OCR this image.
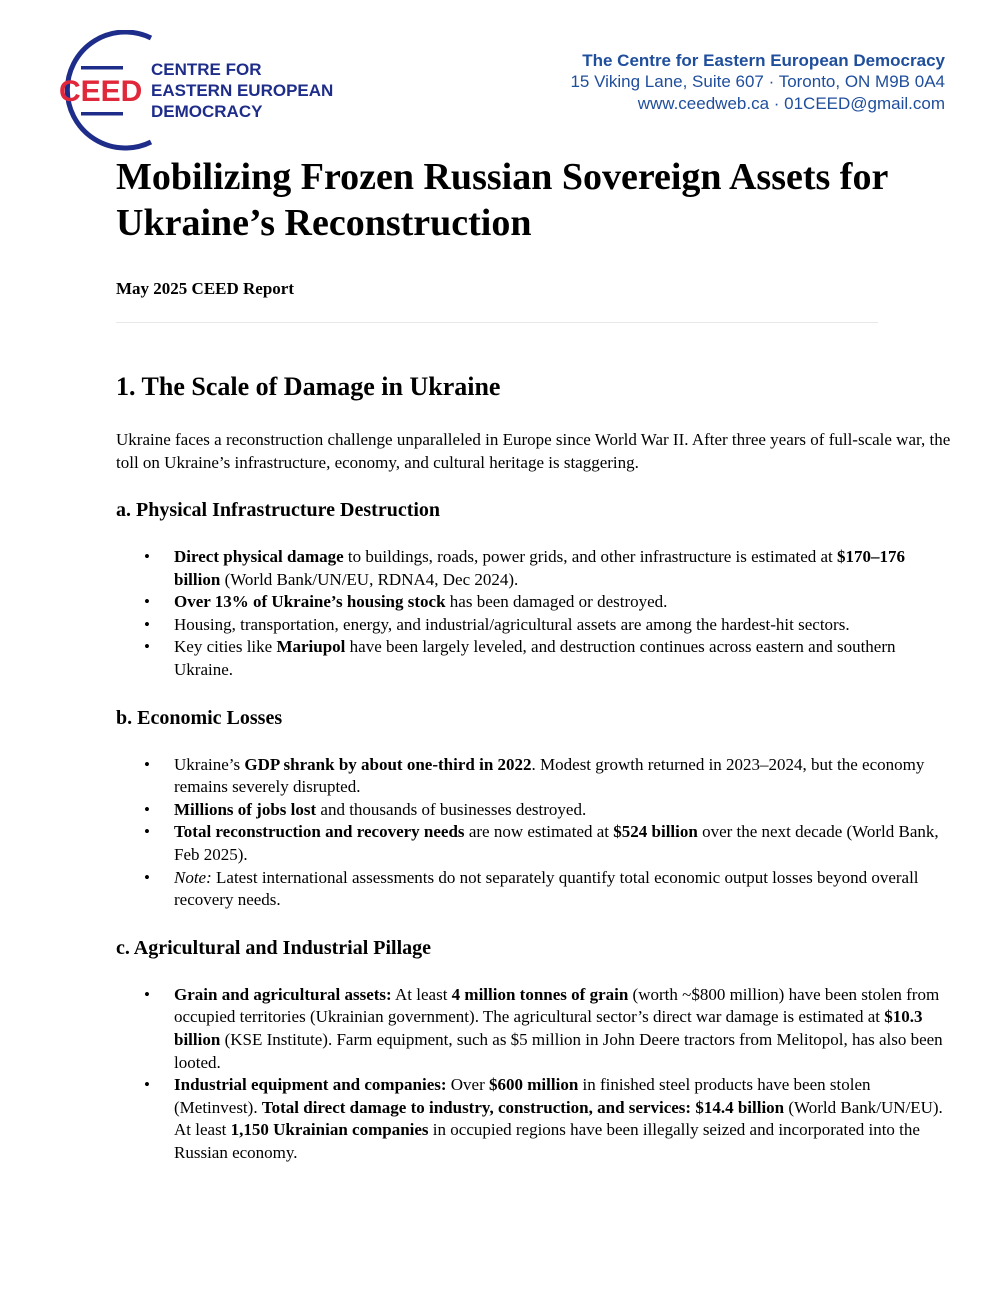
CEED
CENTRE FOR
EASTERN EUROPEAN
DEMOCRACY
The Centre for Eastern European Democracy
15 Viking Lane, Suite 607 · Toronto, ON M9B 0A4
www.ceedweb.ca · 01CEED@gmail.com
Mobilizing Frozen Russian Sovereign Assets for Ukraine’s Reconstruction
May 2025 CEED Report
1. The Scale of Damage in Ukraine

Ukraine faces a reconstruction challenge unparalleled in Europe since World War II. After three years of full-scale war, the toll on Ukraine’s infrastructure, economy, and cultural heritage is staggering.

a. Physical Infrastructure Destruction
• Direct physical damage to buildings, roads, power grids, and other infrastructure is estimated at $170–176 billion (World Bank/UN/EU, RDNA4, Dec 2024).
• Over 13% of Ukraine’s housing stock has been damaged or destroyed.
• Housing, transportation, energy, and industrial/agricultural assets are among the hardest-hit sectors.
• Key cities like Mariupol have been largely leveled, and destruction continues across eastern and southern Ukraine.
b. Economic Losses
• Ukraine’s GDP shrank by about one-third in 2022. Modest growth returned in 2023–2024, but the economy remains severely disrupted.
• Millions of jobs lost and thousands of businesses destroyed.
• Total reconstruction and recovery needs are now estimated at $524 billion over the next decade (World Bank, Feb 2025).
• Note: Latest international assessments do not separately quantify total economic output losses beyond overall recovery needs.
c. Agricultural and Industrial Pillage
• Grain and agricultural assets: At least 4 million tonnes of grain (worth ~$800 million) have been stolen from occupied territories (Ukrainian government). The agricultural sector’s direct war damage is estimated at $10.3 billion (KSE Institute). Farm equipment, such as $5 million in John Deere tractors from Melitopol, has also been looted.
• Industrial equipment and companies: Over $600 million in finished steel products have been stolen (Metinvest). Total direct damage to industry, construction, and services: $14.4 billion (World Bank/UN/EU). At least 1,150 Ukrainian companies in occupied regions have been illegally seized and incorporated into the Russian economy.
